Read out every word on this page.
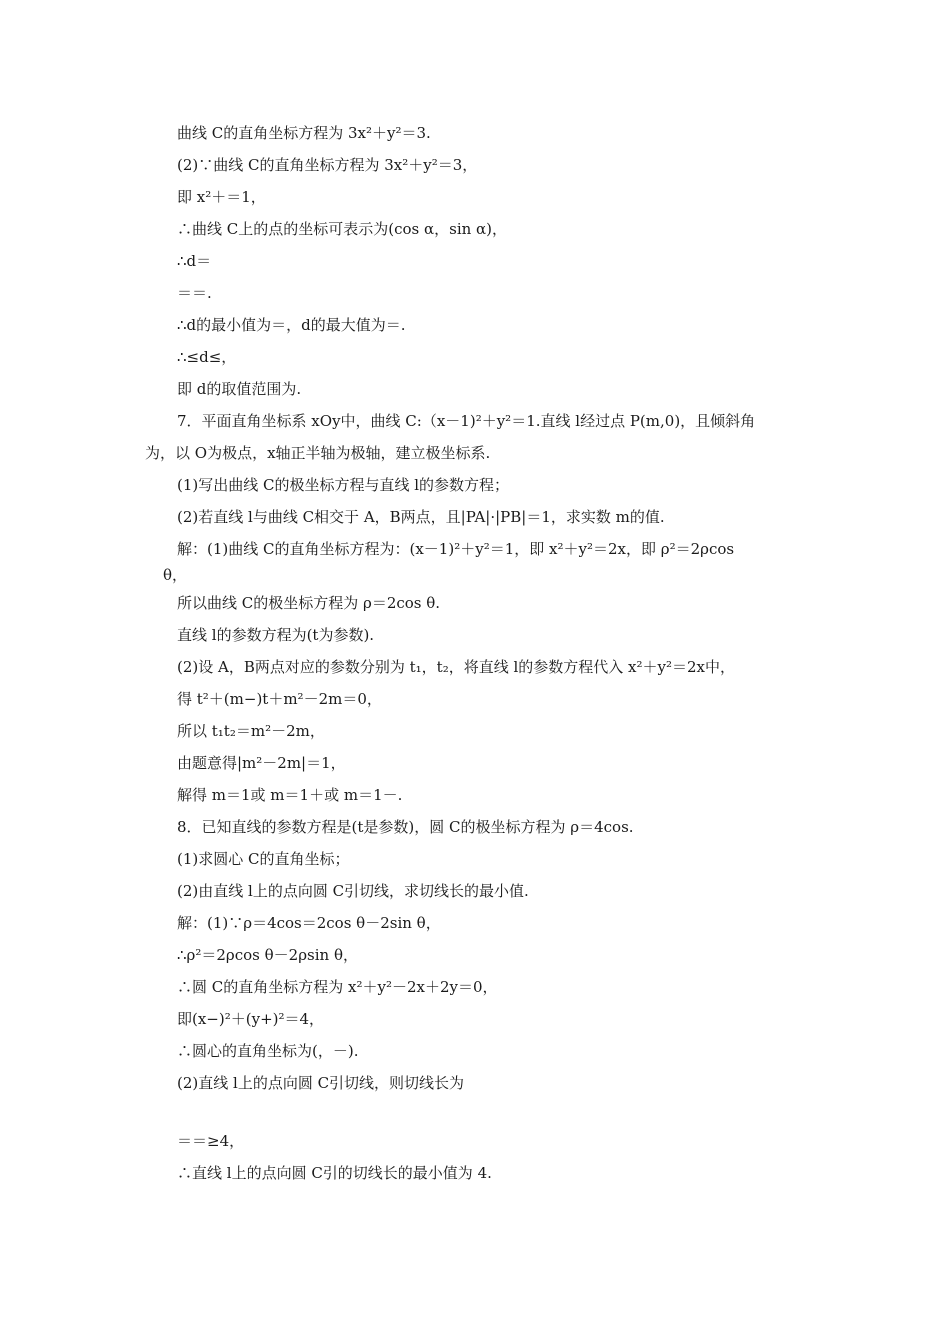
曲线 C的直角坐标方程为 3x²＋y²＝3.
(2)∵曲线 C的直角坐标方程为 3x²＋y²＝3，
即 x²＋＝1，
∴曲线 C上的点的坐标可表示为(cos α，sin α)，
∴d＝
＝＝.
∴d的最小值为＝，d的最大值为＝.
∴≤d≤，
即 d的取值范围为.
7．平面直角坐标系 xOy中，曲线 C:（x－1)²＋y²＝1.直线 l经过点 P(m,0)，且倾斜角
为，以 O为极点，x轴正半轴为极轴，建立极坐标系.
(1)写出曲线 C的极坐标方程与直线 l的参数方程；
(2)若直线 l与曲线 C相交于 A，B两点，且|PA|·|PB|＝1，求实数 m的值.
解：(1)曲线 C的直角坐标方程为：(x－1)²＋y²＝1，即 x²＋y²＝2x，即 ρ²＝2ρcos
θ，
所以曲线 C的极坐标方程为 ρ＝2cos θ.
直线 l的参数方程为(t为参数).
(2)设 A，B两点对应的参数分别为 t₁，t₂，将直线 l的参数方程代入 x²＋y²＝2x中，
得 t²＋(m−)t＋m²－2m＝0，
所以 t₁t₂＝m²－2m，
由题意得|m²－2m|＝1，
解得 m＝1或 m＝1＋或 m＝1－.
8．已知直线的参数方程是(t是参数)，圆 C的极坐标方程为 ρ＝4cos.
(1)求圆心 C的直角坐标；
(2)由直线 l上的点向圆 C引切线，求切线长的最小值.
解：(1)∵ρ＝4cos＝2cos θ－2sin θ，
∴ρ²＝2ρcos θ－2ρsin θ，
∴圆 C的直角坐标方程为 x²＋y²－2x＋2y＝0，
即(x−)²＋(y+)²＝4，
∴圆心的直角坐标为(，－).
(2)直线 l上的点向圆 C引切线，则切线长为
＝＝≥4，
∴直线 l上的点向圆 C引的切线长的最小值为 4.
